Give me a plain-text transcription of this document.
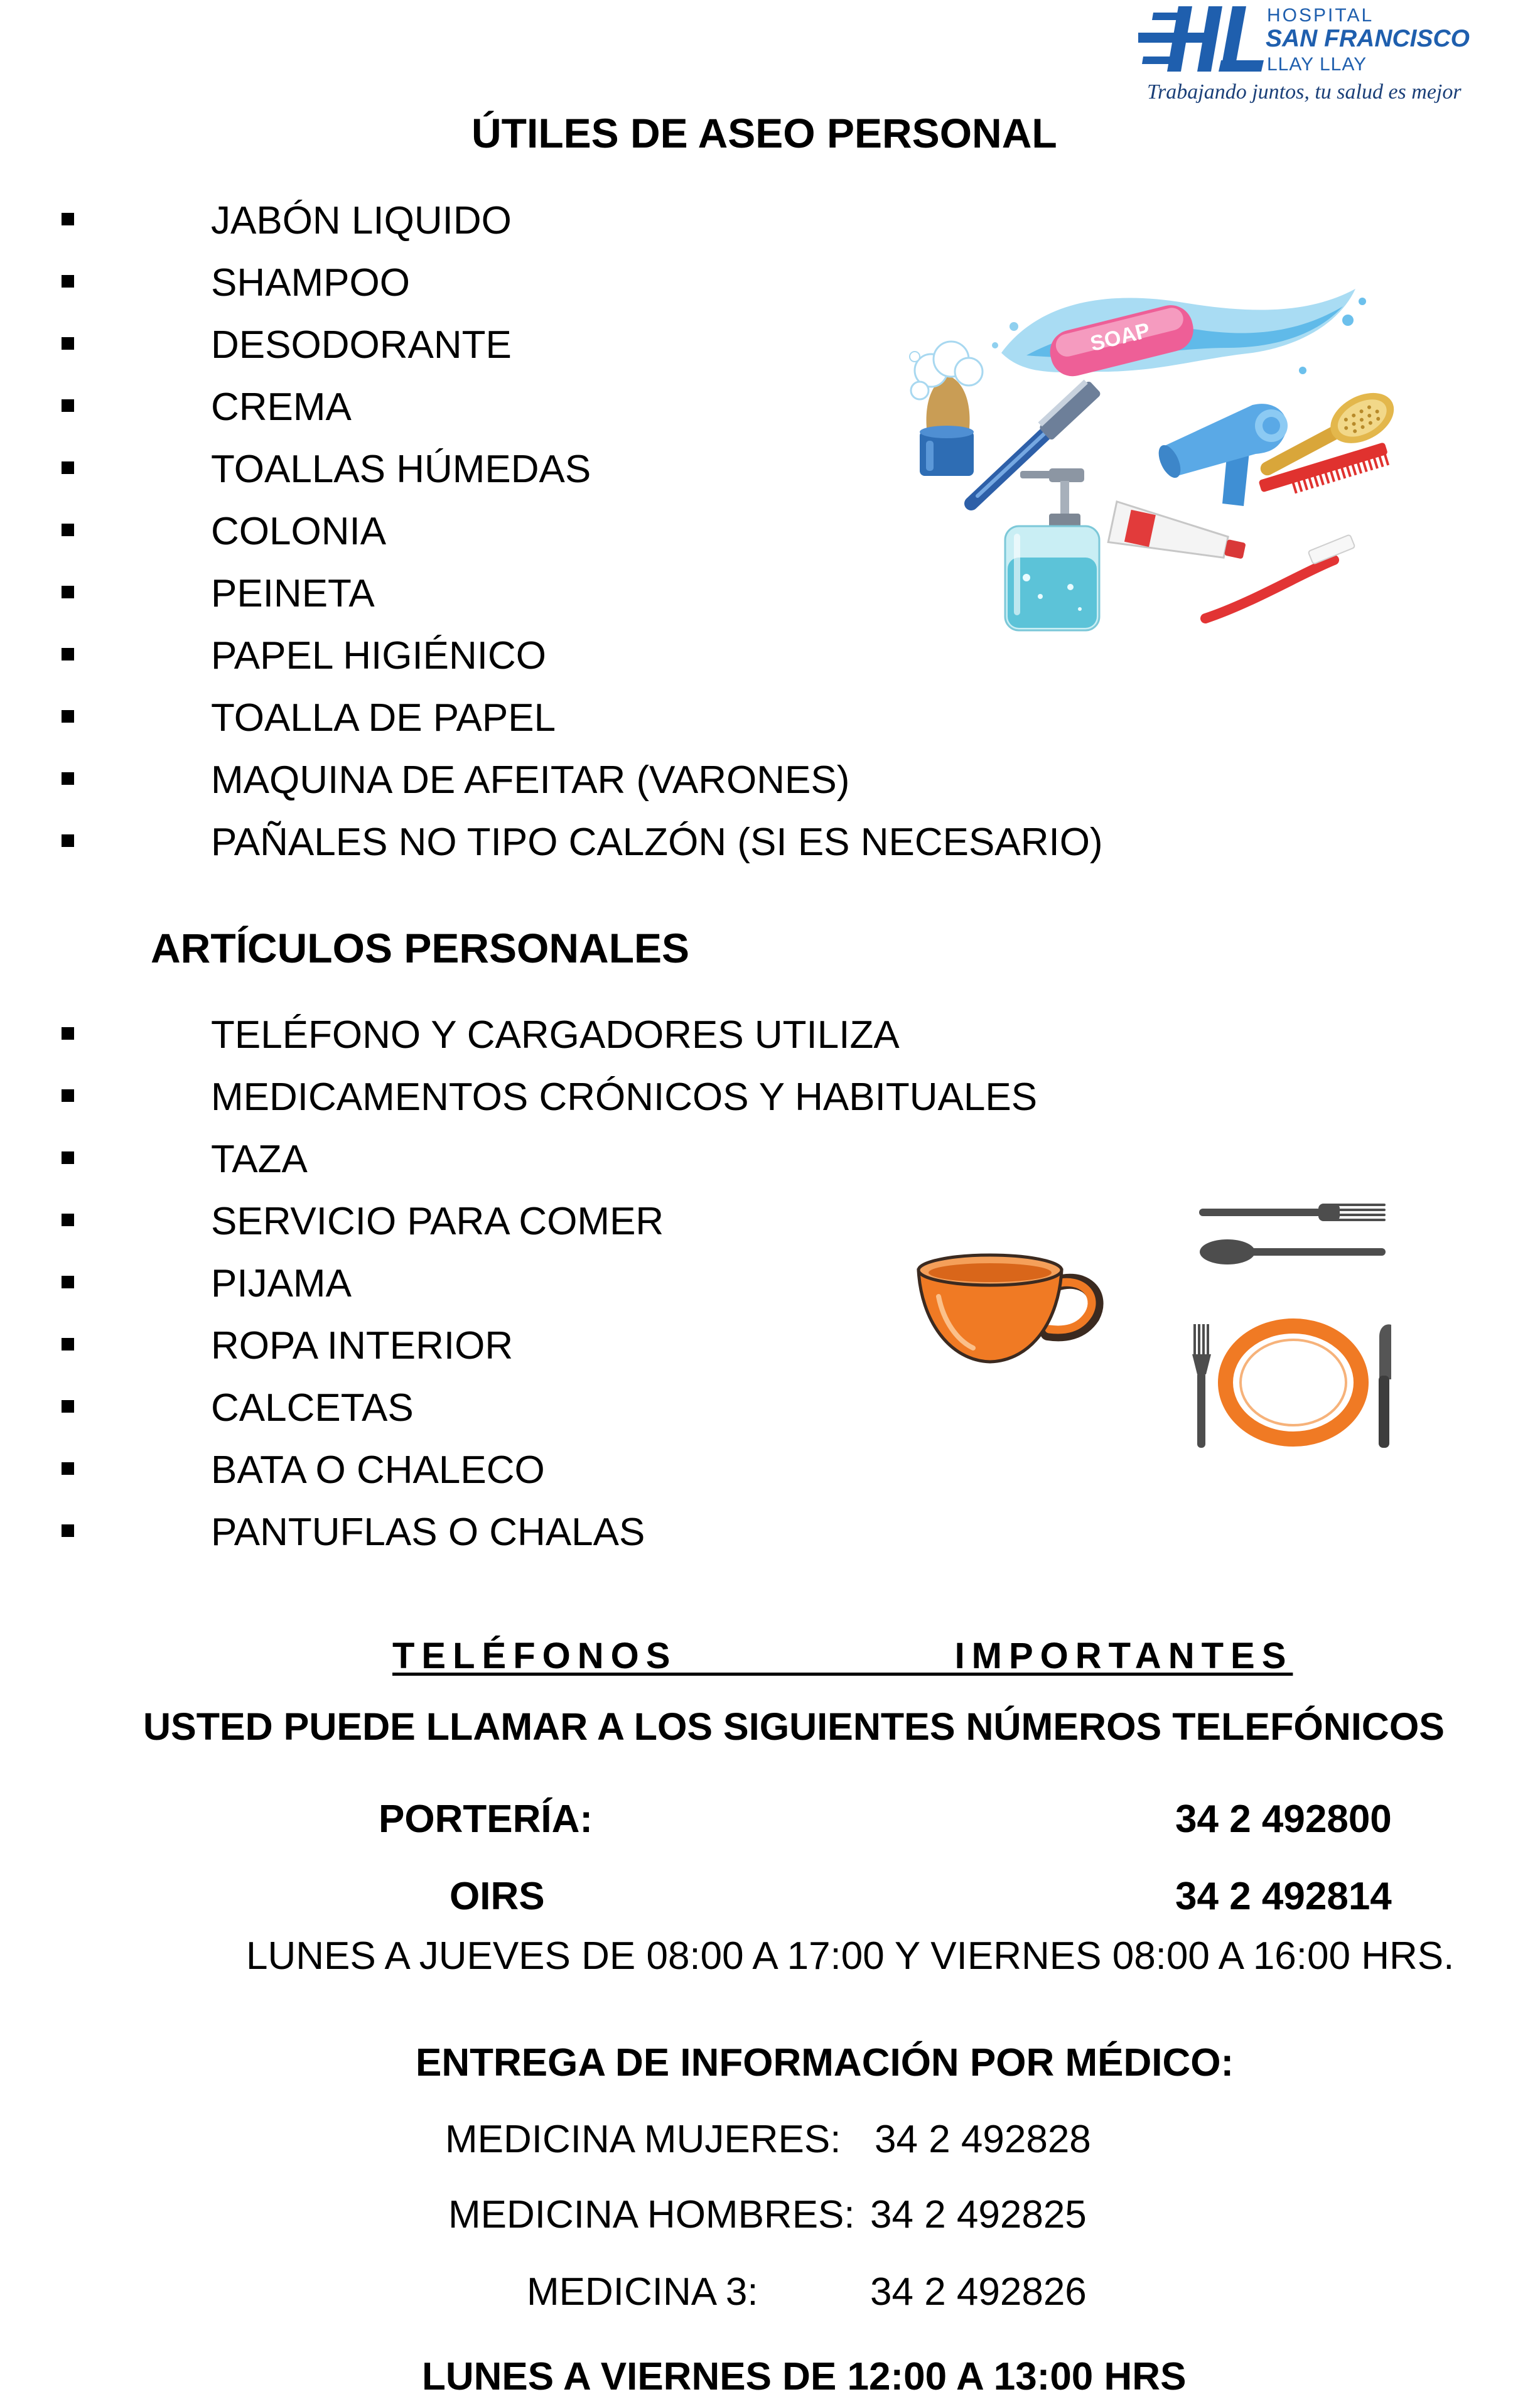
HOSPITAL
SAN FRANCISCO
LLAY LLAY
Trabajando juntos, tu salud es mejor
ÚTILES DE ASEO PERSONAL
JABÓN LIQUIDO
SHAMPOO
DESODORANTE
CREMA
TOALLAS HÚMEDAS
COLONIA
PEINETA
PAPEL HIGIÉNICO
TOALLA DE PAPEL
MAQUINA DE AFEITAR (VARONES)
PAÑALES NO TIPO CALZÓN (SI ES NECESARIO)
SOAP
ARTÍCULOS PERSONALES
TELÉFONO Y CARGADORES UTILIZA
MEDICAMENTOS CRÓNICOS Y HABITUALES
TAZA
SERVICIO PARA COMER
PIJAMA
ROPA INTERIOR
CALCETAS
BATA O CHALECO
PANTUFLAS O CHALAS
TELÉFONOS IMPORTANTES
USTED PUEDE LLAMAR A LOS SIGUIENTES NÚMEROS TELEFÓNICOS
PORTERÍA:	34 2 492800
OIRS	34 2 492814
LUNES A JUEVES DE 08:00 A 17:00 Y VIERNES 08:00 A 16:00 HRS.
ENTREGA DE INFORMACIÓN POR MÉDICO:
MEDICINA MUJERES: 34 2 492828
MEDICINA HOMBRES: 34 2 492825
MEDICINA 3:	34 2 492826
LUNES A VIERNES DE 12:00 A 13:00 HRS
